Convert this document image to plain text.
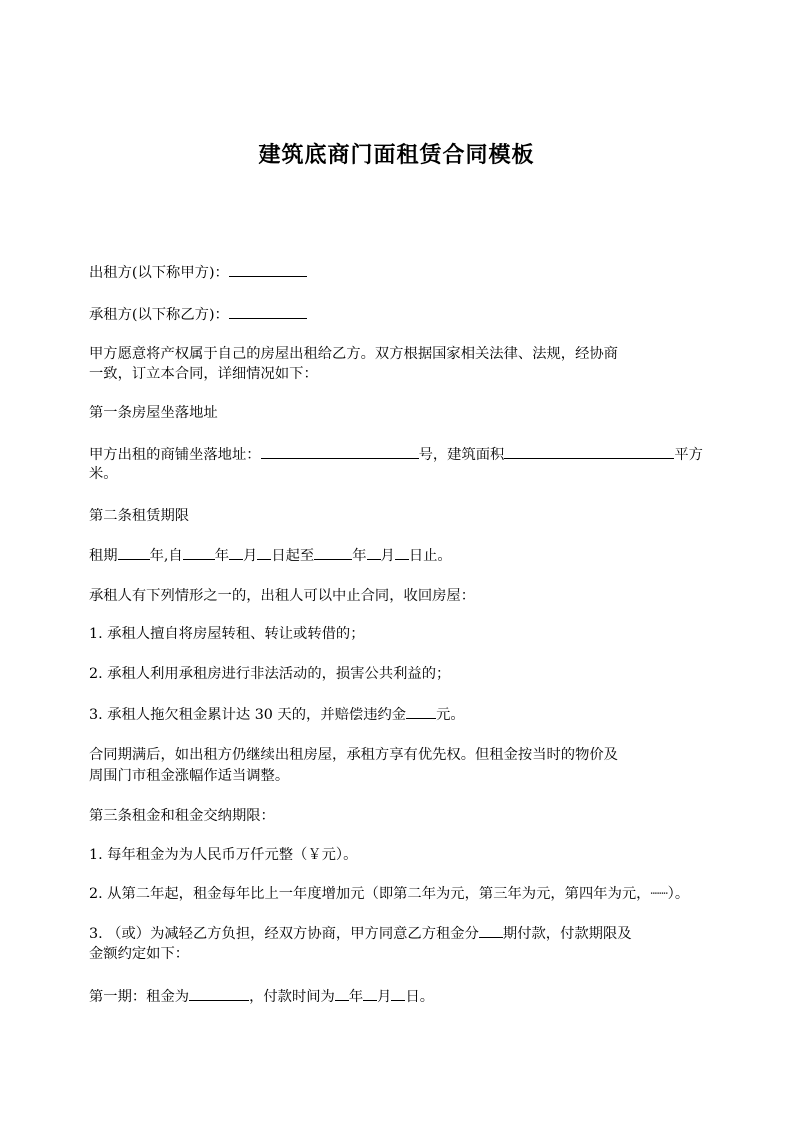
建筑底商门面租赁合同模板
出租方(以下称甲方)：
承租方(以下称乙方)：
甲方愿意将产权属于自己的房屋出租给乙方。双方根据国家相关法律、法规，经协商
一致，订立本合同，详细情况如下：
第一条房屋坐落地址
甲方出租的商铺坐落地址：	号，建筑面积	平方
米。
第二条租赁期限
租期 年,自 年 月 日起至	年 月 日止。
承租人有下列情形之一的，出租人可以中止合同，收回房屋：
1. 承租人擅自将房屋转租、转让或转借的；
2. 承租人利用承租房进行非法活动的，损害公共利益的；
3. 承租人拖欠租金累计达 30 天的，并赔偿违约金 元。
合同期满后，如出租方仍继续出租房屋，承租方享有优先权。但租金按当时的物价及
周围门市租金涨幅作适当调整。
第三条租金和租金交纳期限：
1. 每年租金为为人民币万仟元整（￥元）。
2. 从第二年起，租金每年比上一年度增加元（即第二年为元，第三年为元，第四年为元，┈┈）。
3. （或）为减轻乙方负担，经双方协商，甲方同意乙方租金分 期付款，付款期限及
金额约定如下：
第一期：租金为	，付款时间为 年 月 日。
